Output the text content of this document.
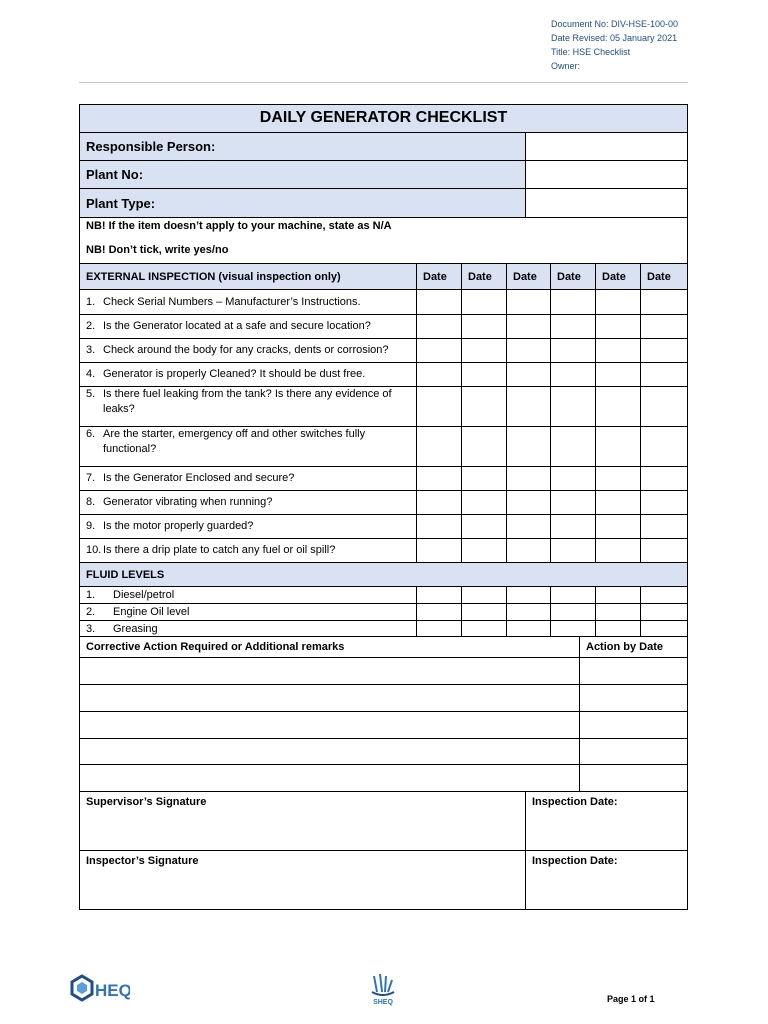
Document No: DIV-HSE-100-00
Date Revised: 05 January 2021
Title: HSE Checklist
Owner:
DAILY GENERATOR CHECKLIST
Responsible Person:
Plant No:
Plant Type:
NB! If the item doesn’t apply to your machine, state as N/A
NB! Don’t tick, write yes/no
EXTERNAL INSPECTION (visual inspection only)	Date	Date	Date	Date	Date	Date
1. Check Serial Numbers – Manufacturer’s Instructions.
2. Is the Generator located at a safe and secure location?
3. Check around the body for any cracks, dents or corrosion?
4. Generator is properly Cleaned? It should be dust free.
5. Is there fuel leaking from the tank? Is there any evidence of leaks?
6. Are the starter, emergency off and other switches fully functional?
7. Is the Generator Enclosed and secure?
8. Generator vibrating when running?
9. Is the motor properly guarded?
10. Is there a drip plate to catch any fuel or oil spill?
FLUID LEVELS
1.	Diesel/petrol
2.	Engine Oil level
3.	Greasing
Corrective Action Required or Additional remarks	Action by Date
Supervisor’s Signature	Inspection Date:
Inspector’s Signature	Inspection Date:
HEQ
SHEQ	Page 1 of 1
